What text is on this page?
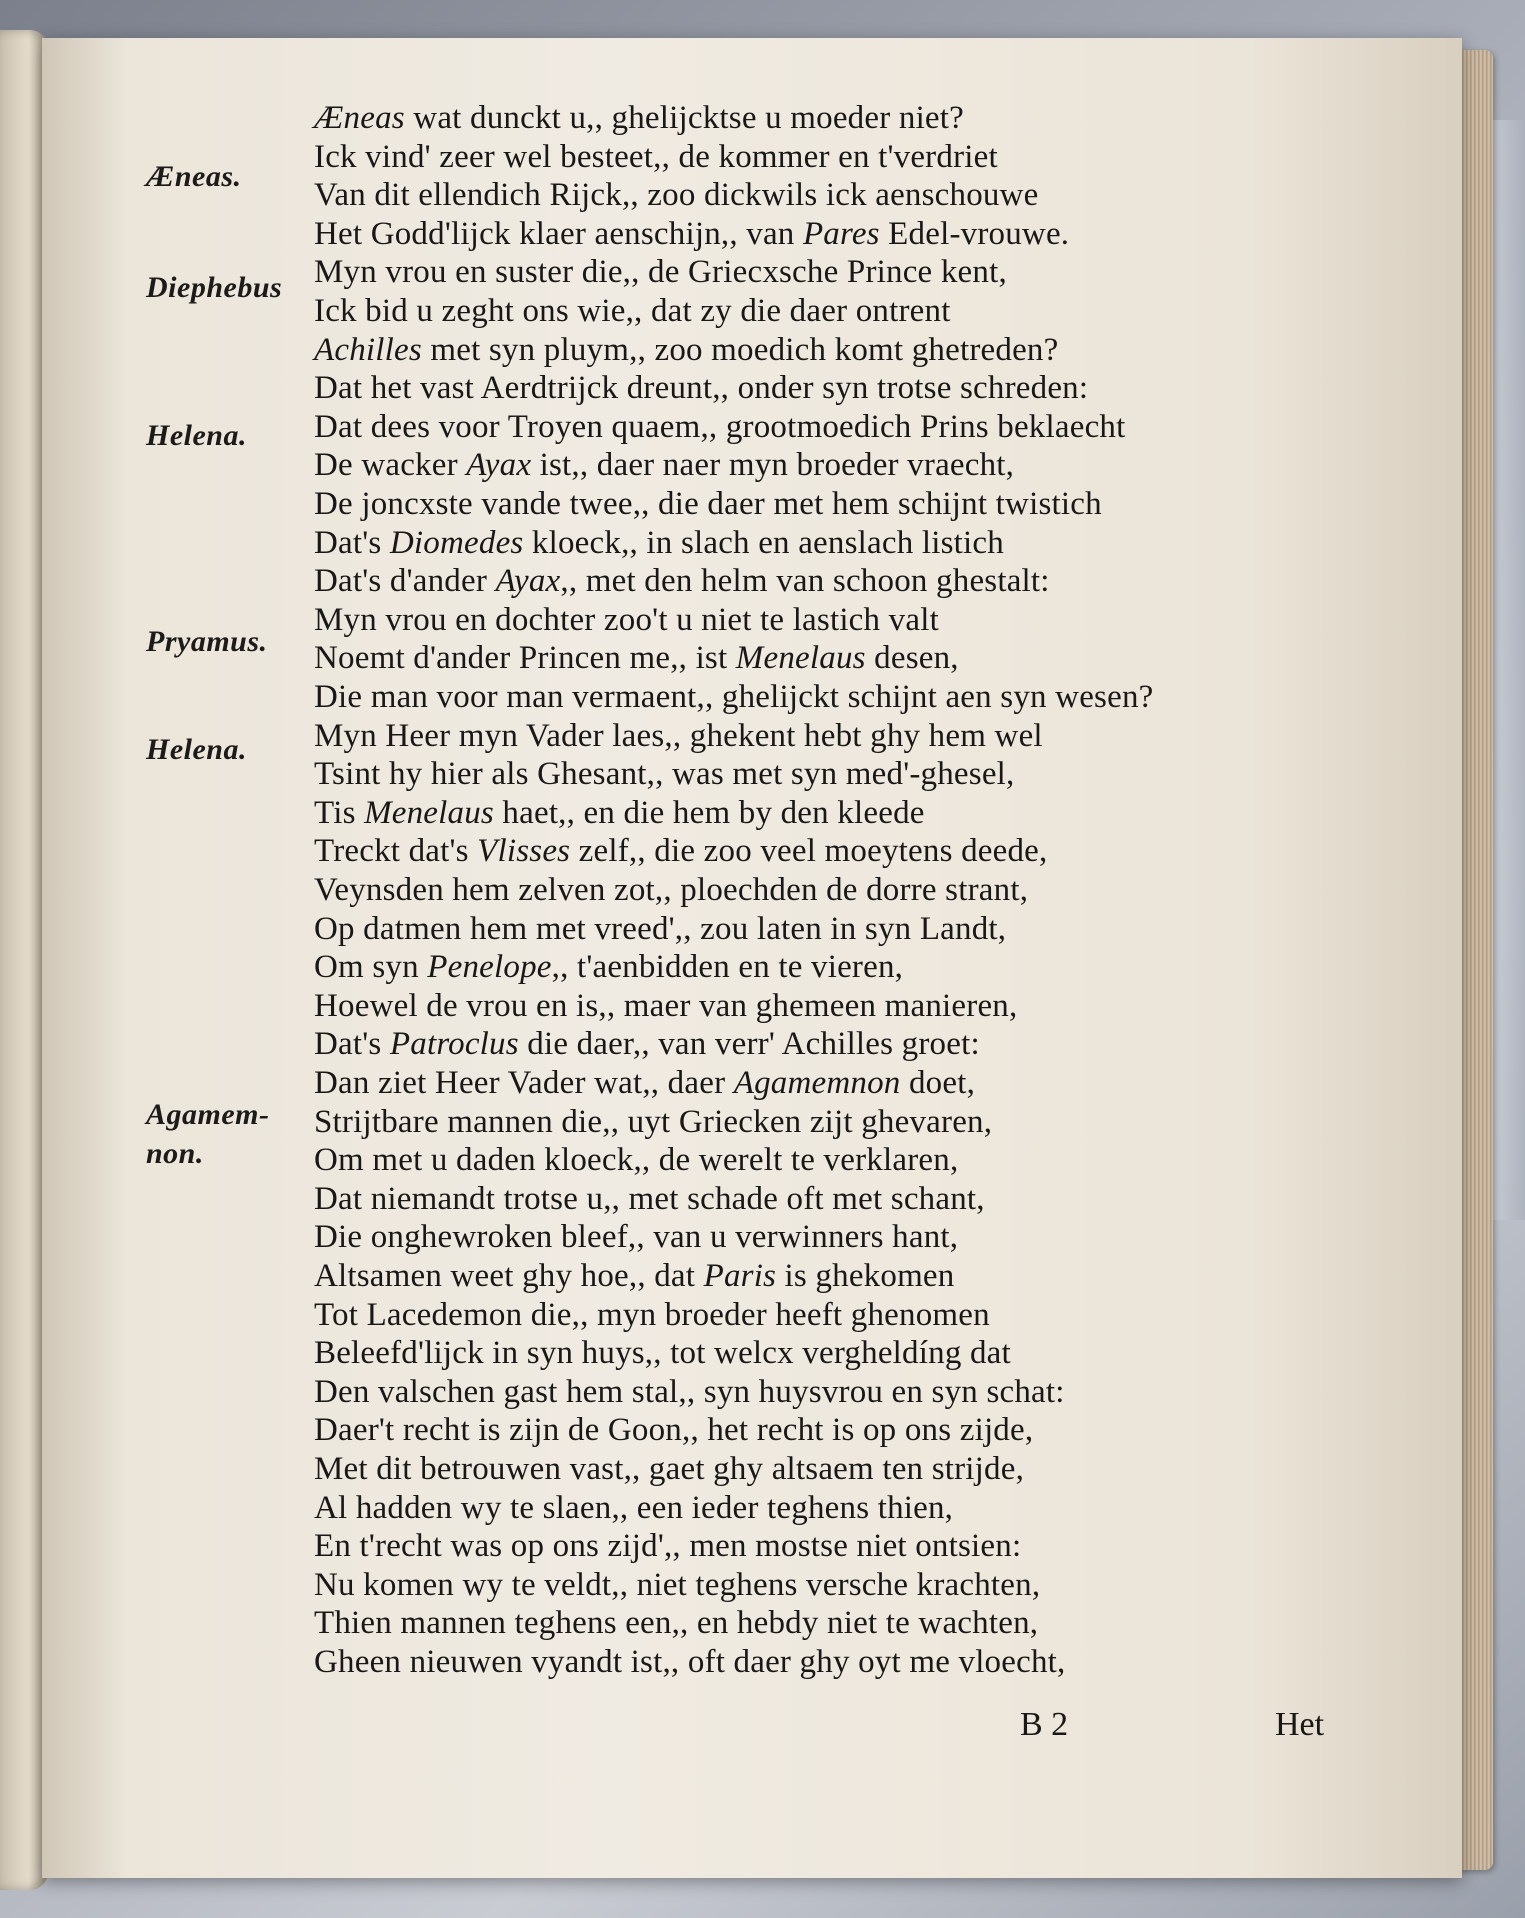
Æneas.
Diephebus
Helena.
Pryamus.
Helena.
Agamem-
non.
Æneas wat dunckt u,, ghelijcktse u moeder niet?
Ick vind' zeer wel besteet,, de kommer en t'verdriet
Van dit ellendich Rijck,, zoo dickwils ick aenschouwe
Het Godd'lijck klaer aenschijn,, van Pares Edel-vrouwe.
Myn vrou en suster die,, de Griecxsche Prince kent,
Ick bid u zeght ons wie,, dat zy die daer ontrent
Achilles met syn pluym,, zoo moedich komt ghetreden?
Dat het vast Aerdtrijck dreunt,, onder syn trotse schreden:
Dat dees voor Troyen quaem,, grootmoedich Prins beklaecht
De wacker Ayax ist,, daer naer myn broeder vraecht,
De joncxste vande twee,, die daer met hem schijnt twistich
Dat's Diomedes kloeck,, in slach en aenslach listich
Dat's d'ander Ayax,, met den helm van schoon ghestalt:
Myn vrou en dochter zoo't u niet te lastich valt
Noemt d'ander Princen me,, ist Menelaus desen,
Die man voor man vermaent,, ghelijckt schijnt aen syn wesen?
Myn Heer myn Vader laes,, ghekent hebt ghy hem wel
Tsint hy hier als Ghesant,, was met syn med'-ghesel,
Tis Menelaus haet,, en die hem by den kleede
Treckt dat's Vlisses zelf,, die zoo veel moeytens deede,
Veynsden hem zelven zot,, ploechden de dorre strant,
Op datmen hem met vreed',, zou laten in syn Landt,
Om syn Penelope,, t'aenbidden en te vieren,
Hoewel de vrou en is,, maer van ghemeen manieren,
Dat's Patroclus die daer,, van verr' Achilles groet:
Dan ziet Heer Vader wat,, daer Agamemnon doet,
Strijtbare mannen die,, uyt Griecken zijt ghevaren,
Om met u daden kloeck,, de werelt te verklaren,
Dat niemandt trotse u,, met schade oft met schant,
Die onghewroken bleef,, van u verwinners hant,
Altsamen weet ghy hoe,, dat Paris is ghekomen
Tot Lacedemon die,, myn broeder heeft ghenomen
Beleefd'lijck in syn huys,, tot welcx vergheldíng dat
Den valschen gast hem stal,, syn huysvrou en syn schat:
Daer't recht is zijn de Goon,, het recht is op ons zijde,
Met dit betrouwen vast,, gaet ghy altsaem ten strijde,
Al hadden wy te slaen,, een ieder teghens thien,
En t'recht was op ons zijd',, men mostse niet ontsien:
Nu komen wy te veldt,, niet teghens versche krachten,
Thien mannen teghens een,, en hebdy niet te wachten,
Gheen nieuwen vyandt ist,, oft daer ghy oyt me vloecht,
B 2	Het
